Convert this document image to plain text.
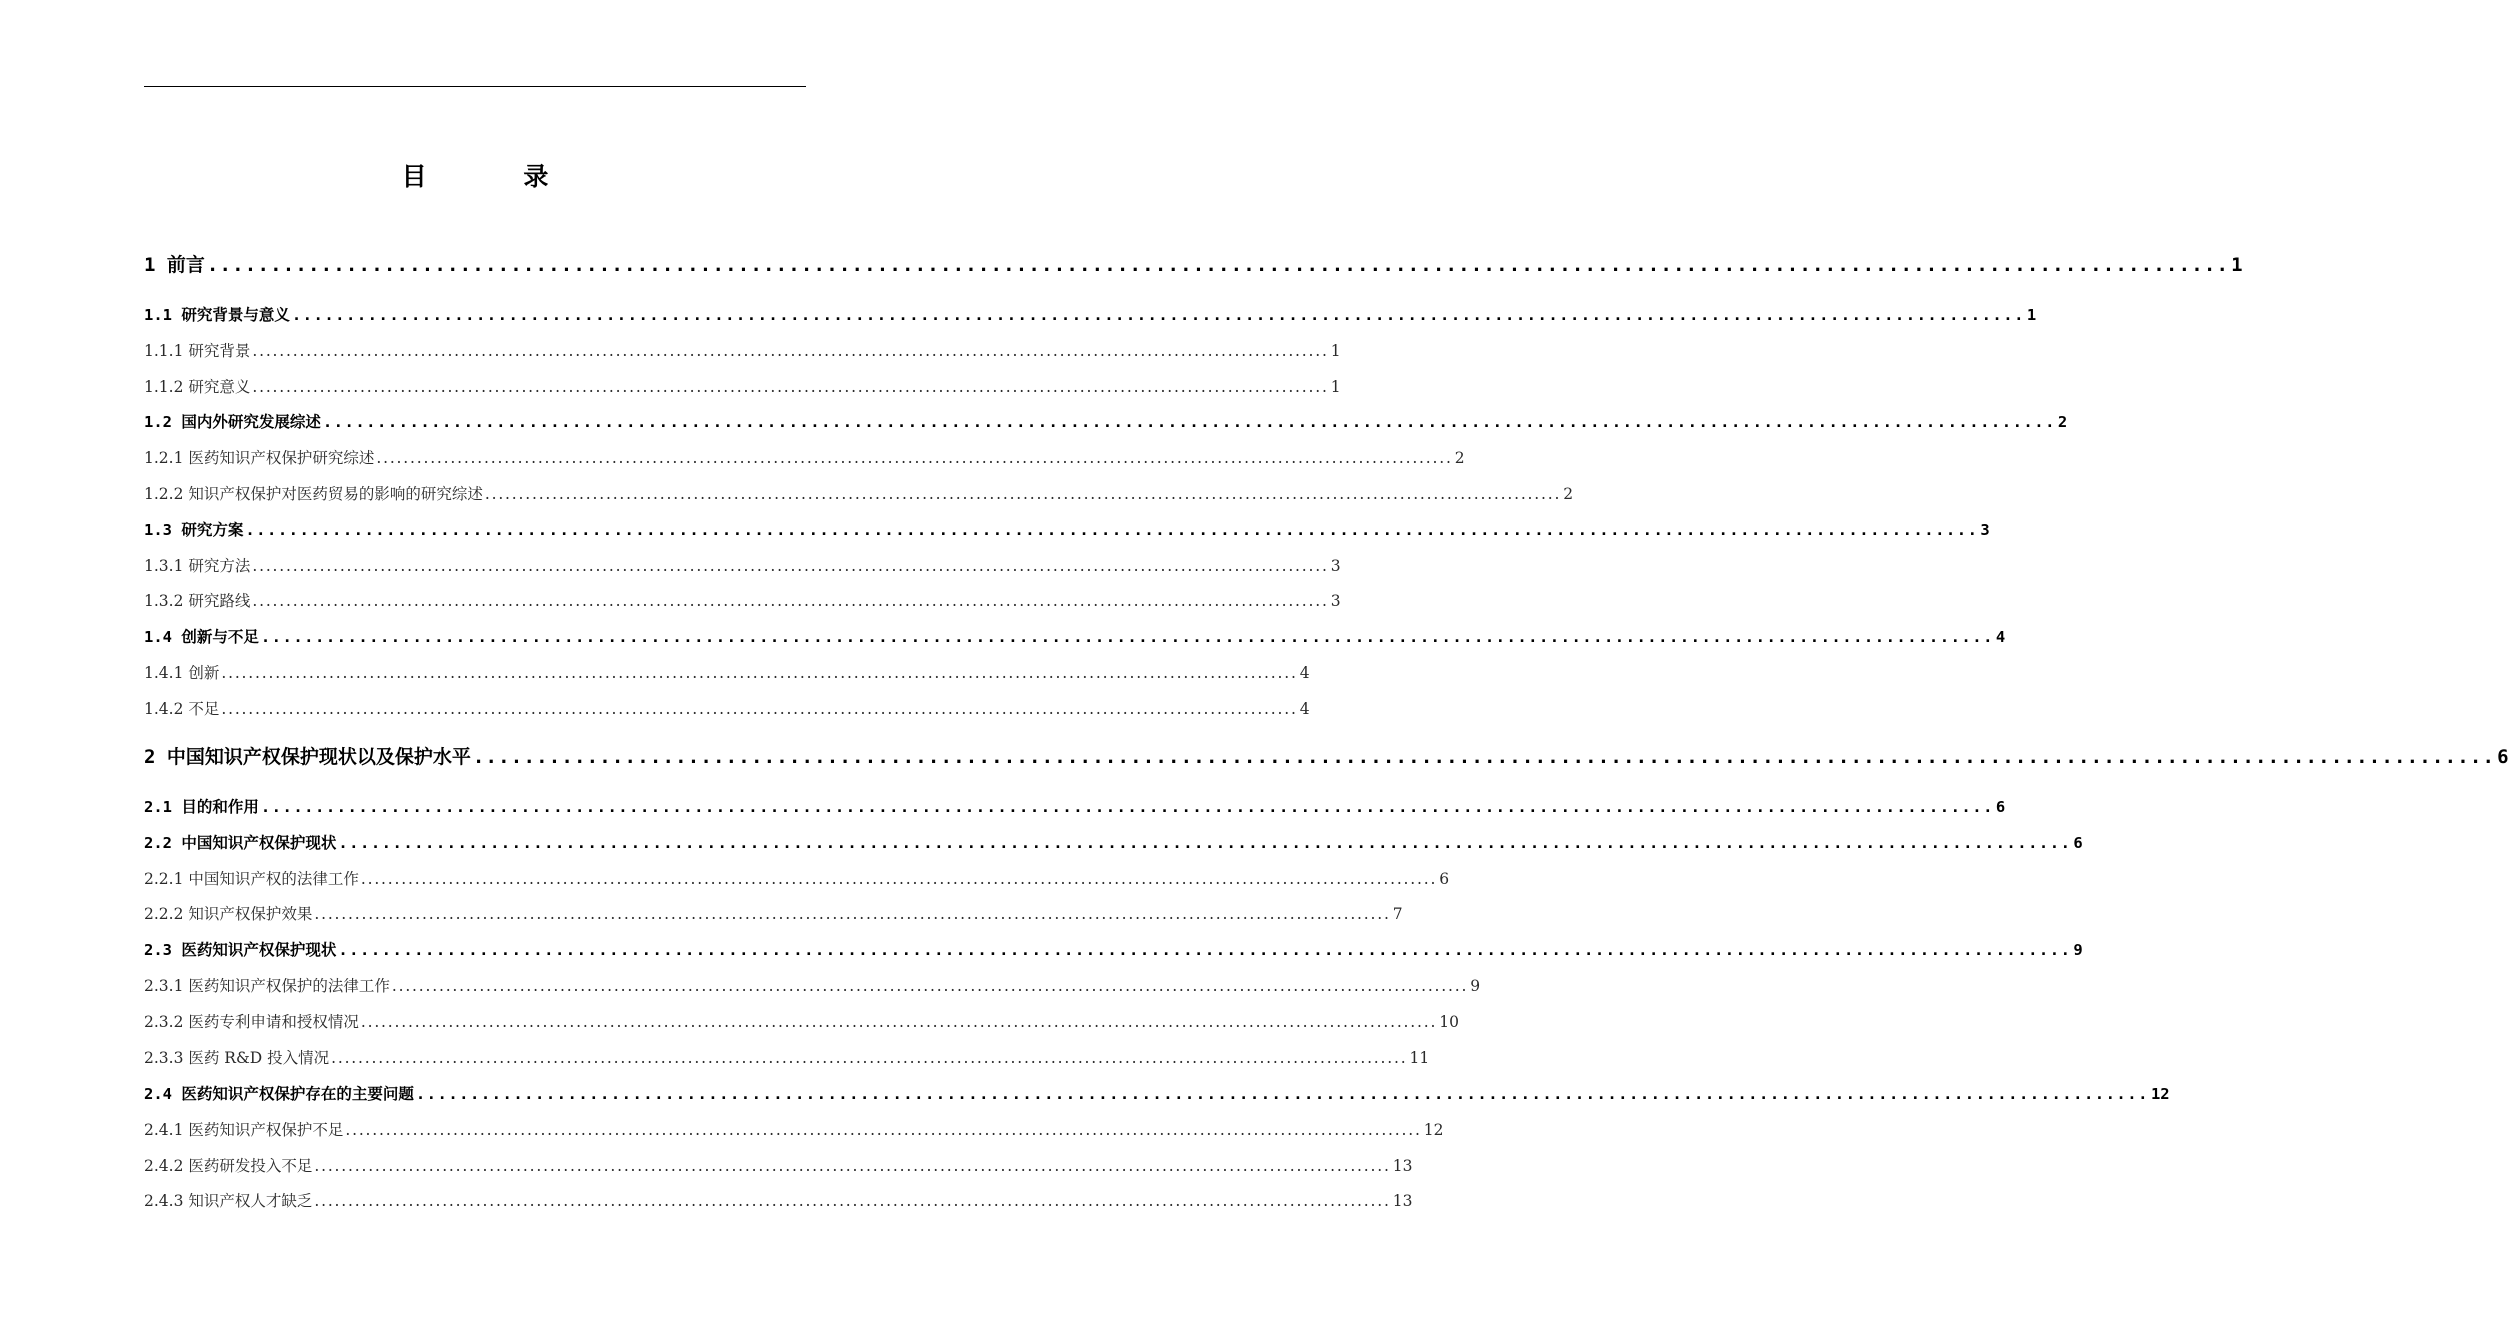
目 录
1 前言 ................................................................................................................................................................ 1
1.1 研究背景与意义 ................................................................................................................................................................ 1
1.1.1 研究背景 ................................................................................................................................................................ 1
1.1.2 研究意义 ................................................................................................................................................................ 1
1.2 国内外研究发展综述 ................................................................................................................................................................ 2
1.2.1 医药知识产权保护研究综述 ................................................................................................................................................................ 2
1.2.2 知识产权保护对医药贸易的影响的研究综述 ................................................................................................................................................................ 2
1.3 研究方案 ................................................................................................................................................................ 3
1.3.1 研究方法 ................................................................................................................................................................ 3
1.3.2 研究路线 ................................................................................................................................................................ 3
1.4 创新与不足 ................................................................................................................................................................ 4
1.4.1 创新 ................................................................................................................................................................ 4
1.4.2 不足 ................................................................................................................................................................ 4
2 中国知识产权保护现状以及保护水平 ................................................................................................................................................................ 6
2.1 目的和作用 ................................................................................................................................................................ 6
2.2 中国知识产权保护现状 ................................................................................................................................................................ 6
2.2.1 中国知识产权的法律工作 ................................................................................................................................................................ 6
2.2.2 知识产权保护效果 ................................................................................................................................................................ 7
2.3 医药知识产权保护现状 ................................................................................................................................................................ 9
2.3.1 医药知识产权保护的法律工作 ................................................................................................................................................................ 9
2.3.2 医药专利申请和授权情况 ................................................................................................................................................................ 10
2.3.3 医药 R&D 投入情况 ................................................................................................................................................................ 11
2.4 医药知识产权保护存在的主要问题 ................................................................................................................................................................ 12
2.4.1 医药知识产权保护不足 ................................................................................................................................................................ 12
2.4.2 医药研发投入不足 ................................................................................................................................................................ 13
2.4.3 知识产权人才缺乏 ................................................................................................................................................................ 13
